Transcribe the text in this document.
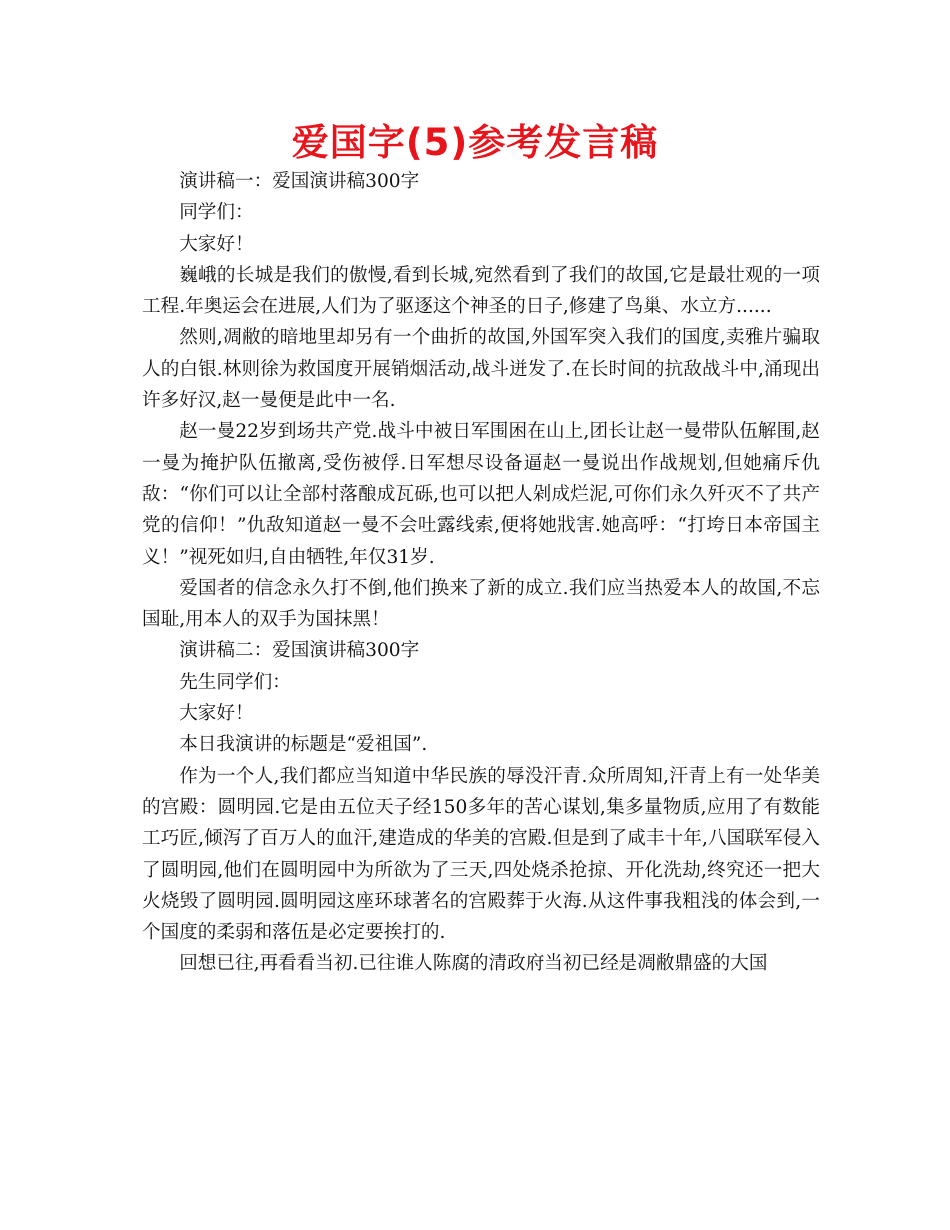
爱国字(5)参考发言稿

演讲稿一：爱国演讲稿300字

同学们：

大家好！

巍峨的长城是我们的傲慢,看到长城,宛然看到了我们的故国,它是最壮观的一项工程.年奥运会在进展,人们为了驱逐这个神圣的日子,修建了鸟巢、水立方......

然则,凋敝的暗地里却另有一个曲折的故国,外国军突入我们的国度,卖雅片骗取人的白银.林则徐为救国度开展销烟活动,战斗迸发了.在长时间的抗敌战斗中,涌现出许多好汉,赵一曼便是此中一名.

赵一曼22岁到场共产党.战斗中被日军围困在山上,团长让赵一曼带队伍解围,赵一曼为掩护队伍撤离,受伤被俘.日军想尽设备逼赵一曼说出作战规划,但她痛斥仇敌：“你们可以让全部村落酿成瓦砾,也可以把人剁成烂泥,可你们永久歼灭不了共产党的信仰！”仇敌知道赵一曼不会吐露线索,便将她戕害.她高呼：“打垮日本帝国主义！”视死如归,自由牺牲,年仅31岁.

爱国者的信念永久打不倒,他们换来了新的成立.我们应当热爱本人的故国,不忘国耻,用本人的双手为国抹黑！

演讲稿二：爱国演讲稿300字

先生同学们：

大家好！

本日我演讲的标题是“爱祖国”.

作为一个人,我们都应当知道中华民族的辱没汗青.众所周知,汗青上有一处华美的宫殿：圆明园.它是由五位天子经150多年的苦心谋划,集多量物质,应用了有数能工巧匠,倾泻了百万人的血汗,建造成的华美的宫殿.但是到了咸丰十年,八国联军侵入了圆明园,他们在圆明园中为所欲为了三天,四处烧杀抢掠、开化洗劫,终究还一把大火烧毁了圆明园.圆明园这座环球著名的宫殿葬于火海.从这件事我粗浅的体会到,一个国度的柔弱和落伍是必定要挨打的.

回想已往,再看看当初.已往谁人陈腐的清政府当初已经是凋敝鼎盛的大国
